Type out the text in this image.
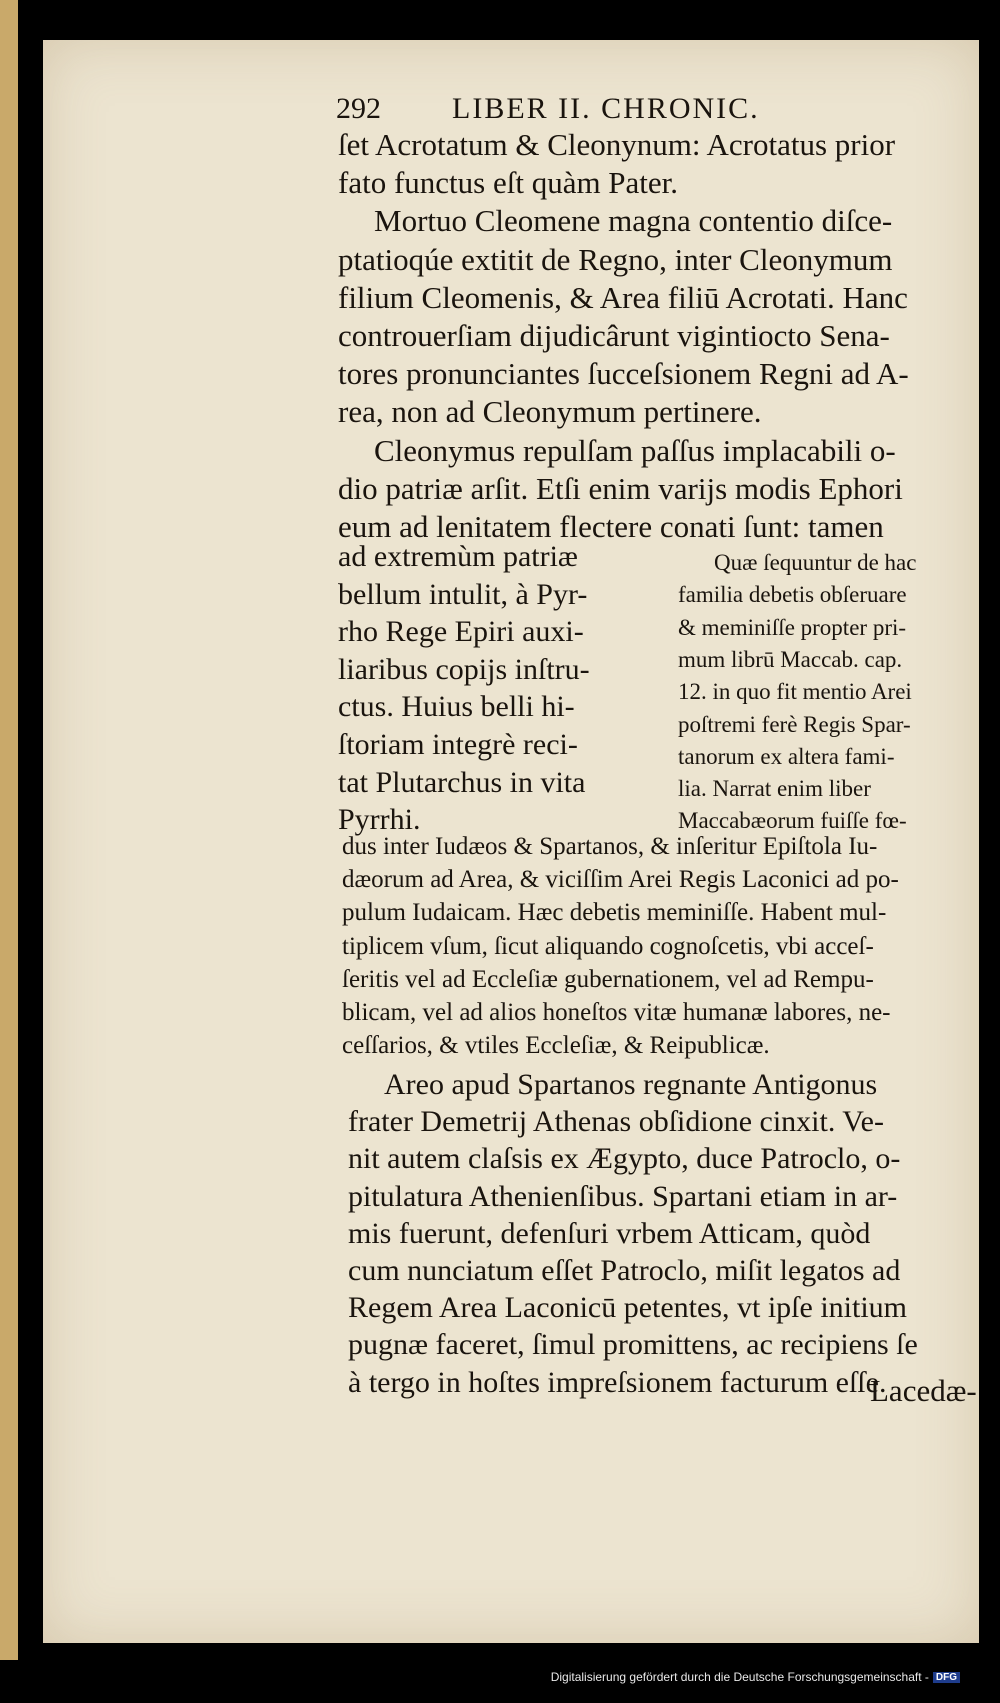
292	LIBER II. CHRONIC.
ſet Acrotatum & Cleonynum: Acrotatus prior
fato functus eſt quàm Pater.
Mortuo Cleomene magna contentio diſce-
ptatioqúe extitit de Regno, inter Cleonymum
filium Cleomenis, & Area filiū Acrotati. Hanc
controuerſiam dijudicârunt vigintiocto Sena-
tores pronunciantes ſucceſsionem Regni ad A-
rea, non ad Cleonymum pertinere.
Cleonymus repulſam paſſus implacabili o-
dio patriæ arſit. Etſi enim varijs modis Ephori
eum ad lenitatem flectere conati ſunt: tamen
ad extremùm patriæ
bellum intulit, à Pyr-
rho Rege Epiri auxi-
liaribus copijs inſtru-
ctus. Huius belli hi-
ſtoriam integrè reci-
tat Plutarchus in vita
Pyrrhi.
Quæ ſequuntur de hac
familia debetis obſeruare
& meminiſſe propter pri-
mum librū Maccab. cap.
12. in quo fit mentio Arei
poſtremi ferè Regis Spar-
tanorum ex altera fami-
lia. Narrat enim liber
Maccabæorum fuiſſe fœ-
dus inter Iudæos & Spartanos, & inſeritur Epiſtola Iu-
dæorum ad Area, & viciſſim Arei Regis Laconici ad po-
pulum Iudaicam. Hæc debetis meminiſſe. Habent mul-
tiplicem vſum, ſicut aliquando cognoſcetis, vbi acceſ-
ſeritis vel ad Eccleſiæ gubernationem, vel ad Rempu-
blicam, vel ad alios honeſtos vitæ humanæ labores, ne-
ceſſarios, & vtiles Eccleſiæ, & Reipublicæ.
Areo apud Spartanos regnante Antigonus
frater Demetrij Athenas obſidione cinxit. Ve-
nit autem claſsis ex Ægypto, duce Patroclo, o-
pitulatura Athenienſibus. Spartani etiam in ar-
mis fuerunt, defenſuri vrbem Atticam, quòd
cum nunciatum eſſet Patroclo, miſit legatos ad
Regem Area Laconicū petentes, vt ipſe initium
pugnæ faceret, ſimul promittens, ac recipiens ſe
à tergo in hoſtes impreſsionem facturum eſſe.
Lacedæ-
Digitalisierung gefördert durch die Deutsche Forschungsgemeinschaft - DFG
